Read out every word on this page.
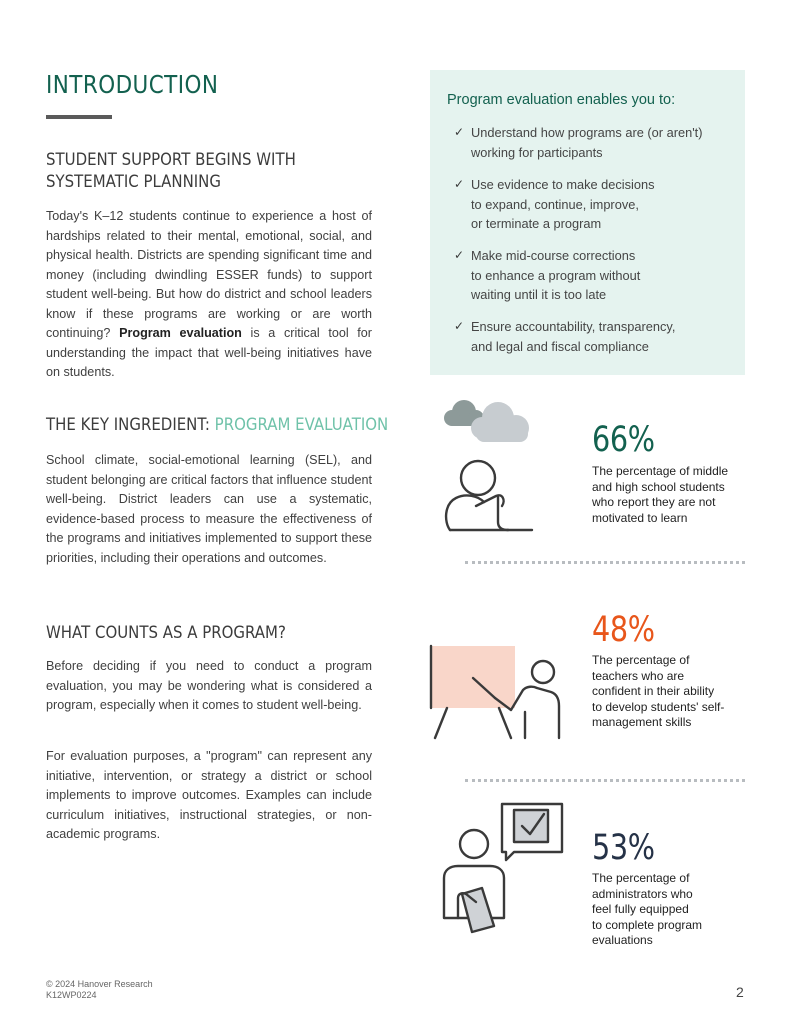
INTRODUCTION
STUDENT SUPPORT BEGINS WITH
SYSTEMATIC PLANNING

Today's K–12 students continue to experience a host of hardships related to their mental, emotional, social, and physical health. Districts are spending significant time and money (including dwindling ESSER funds) to support student well-being. But how do district and school leaders know if these programs are working or are worth continuing? Program evaluation is a critical tool for understanding the impact that well-being initiatives have on students.

THE KEY INGREDIENT: PROGRAM EVALUATION

School climate, social-emotional learning (SEL), and student belonging are critical factors that influence student well-being. District leaders can use a systematic, evidence-based process to measure the effectiveness of the programs and initiatives implemented to support these priorities, including their operations and outcomes.

WHAT COUNTS AS A PROGRAM?

Before deciding if you need to conduct a program evaluation, you may be wondering what is considered a program, especially when it comes to student well-being.

For evaluation purposes, a "program" can represent any initiative, intervention, or strategy a district or school implements to improve outcomes. Examples can include curriculum initiatives, instructional strategies, or non-academic programs.

Program evaluation enables you to:
✓ Understand how programs are (or aren't)
working for participants
✓ Use evidence to make decisions
to expand, continue, improve,
or terminate a program
✓ Make mid-course corrections
to enhance a program without
waiting until it is too late
✓ Ensure accountability, transparency,
and legal and fiscal compliance
66%
The percentage of middle
and high school students
who report they are not
motivated to learn
48%
The percentage of
teachers who are
confident in their ability
to develop students' self-
management skills
53%
The percentage of
administrators who
feel fully equipped
to complete program
evaluations
© 2024 Hanover Research
K12WP0224	2
